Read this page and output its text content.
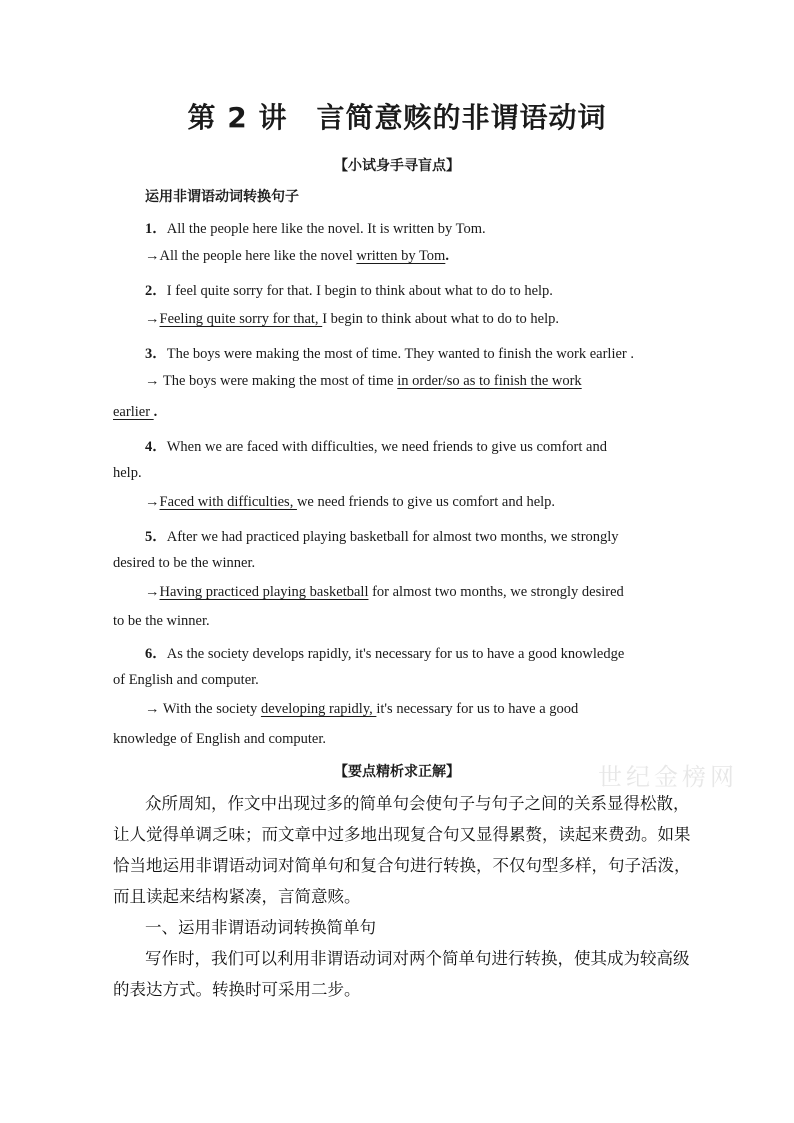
第 2 讲　言简意赅的非谓语动词
【小试身手寻盲点】
运用非谓语动词转换句子
1．All the people here like the novel. It is written by Tom.
→All the people here like the novel written by Tom.
2．I feel quite sorry for that. I begin to think about what to do to help.
→Feeling quite sorry for that, I begin to think about what to do to help.
3．The boys were making the most of time. They wanted to finish the work earlier .
→ The boys were making the most of time in order/so as to finish the work
earlier .
4．When we are faced with difficulties, we need friends to give us comfort and
help.
→Faced with difficulties, we need friends to give us comfort and help.
5．After we had practiced playing basketball for almost two months, we strongly
desired to be the winner.
→Having practiced playing basketball for almost two months, we strongly desired
to be the winner.
6．As the society develops rapidly, it's necessary for us to have a good knowledge
of English and computer.
→ With the society developing rapidly, it's necessary for us to have a good
knowledge of English and computer.
【要点精析求正解】	世纪金榜网
众所周知，作文中出现过多的简单句会使句子与句子之间的关系显得松散，
让人觉得单调乏味；而文章中过多地出现复合句又显得累赘，读起来费劲。如果
恰当地运用非谓语动词对简单句和复合句进行转换，不仅句型多样，句子活泼，
而且读起来结构紧凑，言简意赅。
一、运用非谓语动词转换简单句
写作时，我们可以利用非谓语动词对两个简单句进行转换，使其成为较高级
的表达方式。转换时可采用二步。
